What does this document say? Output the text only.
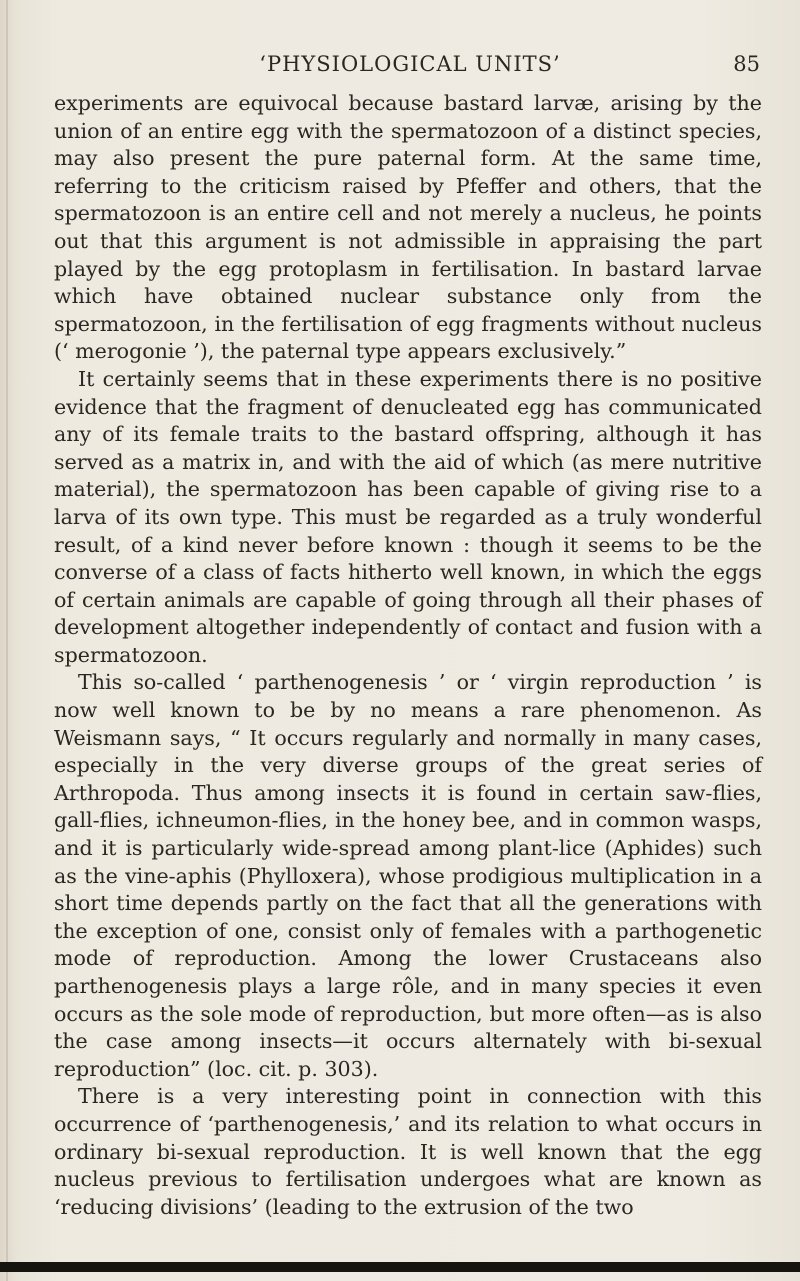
‘PHYSIOLOGICAL UNITS’	85

experiments are equivocal because bastard larvæ, arising by the union of an entire egg with the spermatozoon of a distinct species, may also present the pure paternal form. At the same time, referring to the criticism raised by Pfeffer and others, that the spermatozoon is an entire cell and not merely a nucleus, he points out that this argument is not admissible in appraising the part played by the egg protoplasm in fertilisation. In bastard larvae which have obtained nuclear substance only from the spermatozoon, in the fertilisation of egg fragments without nucleus (‘ merogonie ’), the paternal type appears exclusively.”

It certainly seems that in these experiments there is no positive evidence that the fragment of denucleated egg has communicated any of its female traits to the bastard offspring, although it has served as a matrix in, and with the aid of which (as mere nutritive material), the spermatozoon has been capable of giving rise to a larva of its own type. This must be regarded as a truly wonderful result, of a kind never before known : though it seems to be the converse of a class of facts hitherto well known, in which the eggs of certain animals are capable of going through all their phases of development altogether independently of contact and fusion with a spermatozoon.

This so-called ‘ parthenogenesis ’ or ‘ virgin reproduction ’ is now well known to be by no means a rare phenomenon. As Weismann says, “ It occurs regularly and normally in many cases, especially in the very diverse groups of the great series of Arthropoda. Thus among insects it is found in certain saw-flies, gall-flies, ichneumon-flies, in the honey bee, and in common wasps, and it is particularly wide-spread among plant-lice (Aphides) such as the vine-aphis (Phylloxera), whose prodigious multiplication in a short time depends partly on the fact that all the generations with the exception of one, consist only of females with a parthogenetic mode of reproduction. Among the lower Crustaceans also parthenogenesis plays a large rôle, and in many species it even occurs as the sole mode of reproduction, but more often—as is also the case among insects—it occurs alternately with bi-sexual reproduction” (loc. cit. p. 303).

There is a very interesting point in connection with this occurrence of ‘parthenogenesis,’ and its relation to what occurs in ordinary bi-sexual reproduction. It is well known that the egg nucleus previous to fertilisation undergoes what are known as ‘reducing divisions’ (leading to the extrusion of the two
